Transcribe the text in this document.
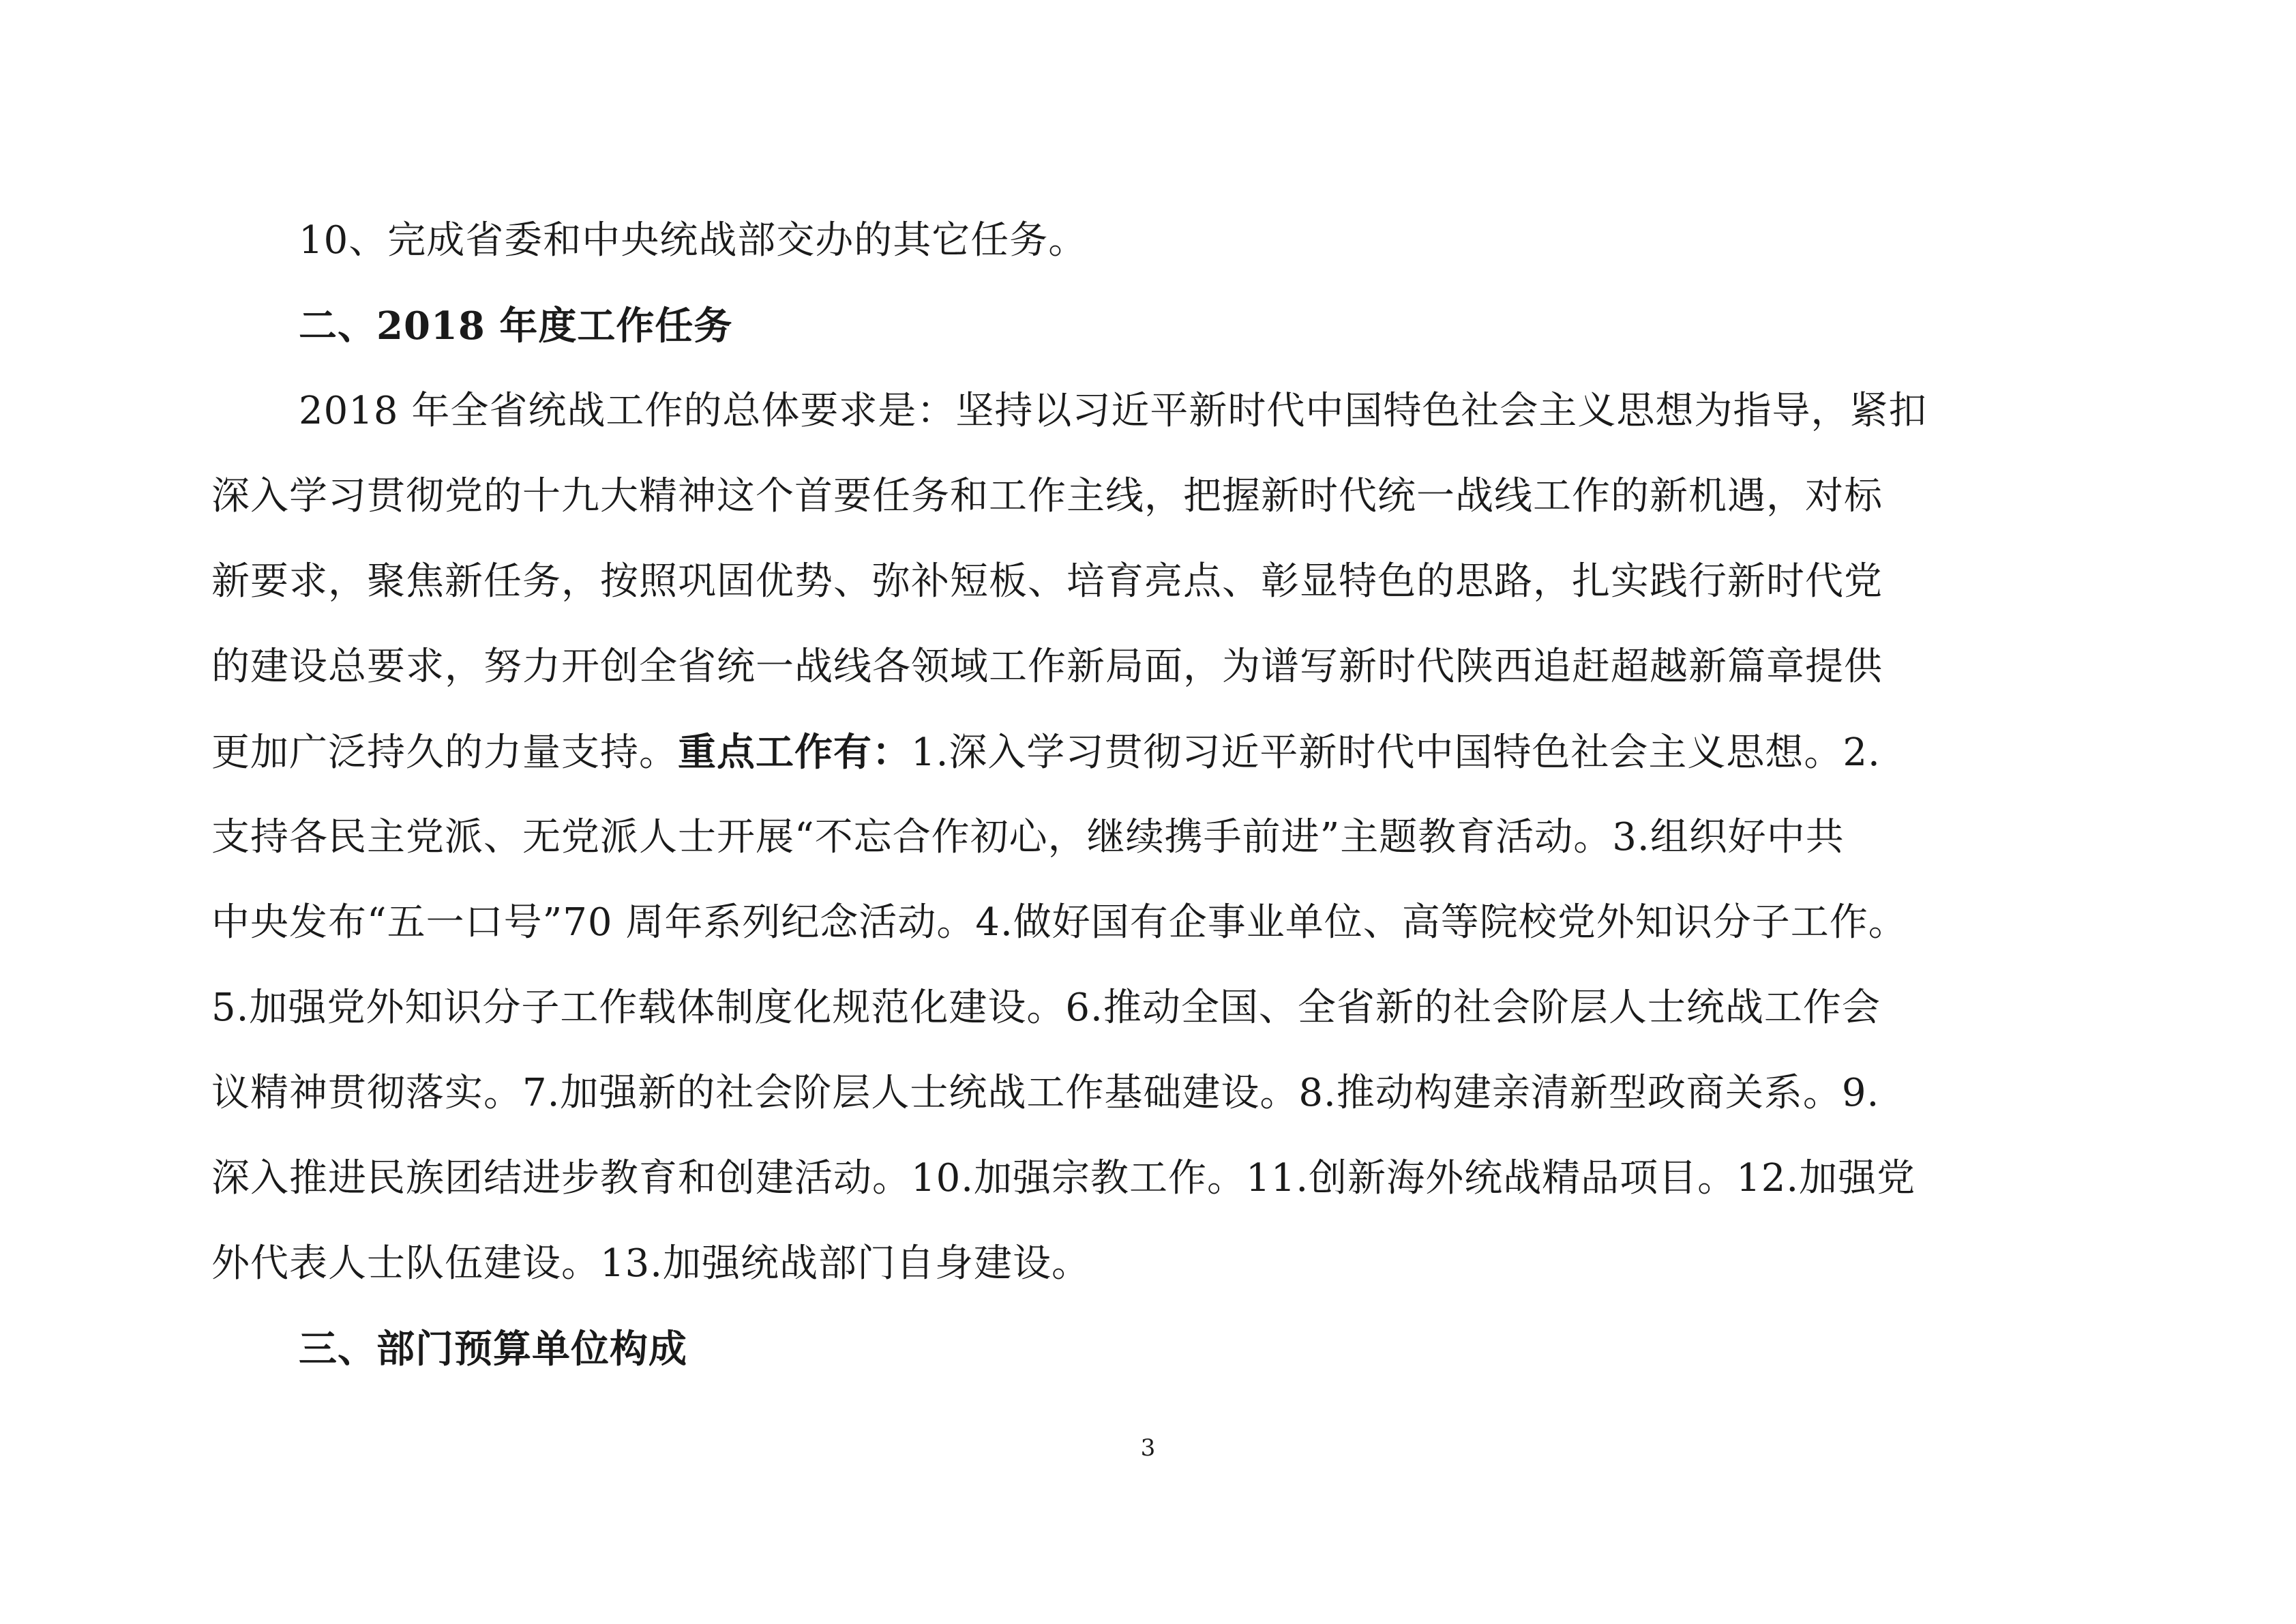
10、完成省委和中央统战部交办的其它任务。
二、2018 年度工作任务
2018 年全省统战工作的总体要求是：坚持以习近平新时代中国特色社会主义思想为指导，紧扣
深入学习贯彻党的十九大精神这个首要任务和工作主线，把握新时代统一战线工作的新机遇，对标
新要求，聚焦新任务，按照巩固优势、弥补短板、培育亮点、彰显特色的思路，扎实践行新时代党
的建设总要求，努力开创全省统一战线各领域工作新局面，为谱写新时代陕西追赶超越新篇章提供
更加广泛持久的力量支持。重点工作有：1.深入学习贯彻习近平新时代中国特色社会主义思想。2.
支持各民主党派、无党派人士开展“不忘合作初心，继续携手前进”主题教育活动。3.组织好中共
中央发布“五一口号”70 周年系列纪念活动。4.做好国有企事业单位、高等院校党外知识分子工作。
5.加强党外知识分子工作载体制度化规范化建设。6.推动全国、全省新的社会阶层人士统战工作会
议精神贯彻落实。7.加强新的社会阶层人士统战工作基础建设。8.推动构建亲清新型政商关系。9.
深入推进民族团结进步教育和创建活动。10.加强宗教工作。11.创新海外统战精品项目。12.加强党
外代表人士队伍建设。13.加强统战部门自身建设。
三、部门预算单位构成
3
